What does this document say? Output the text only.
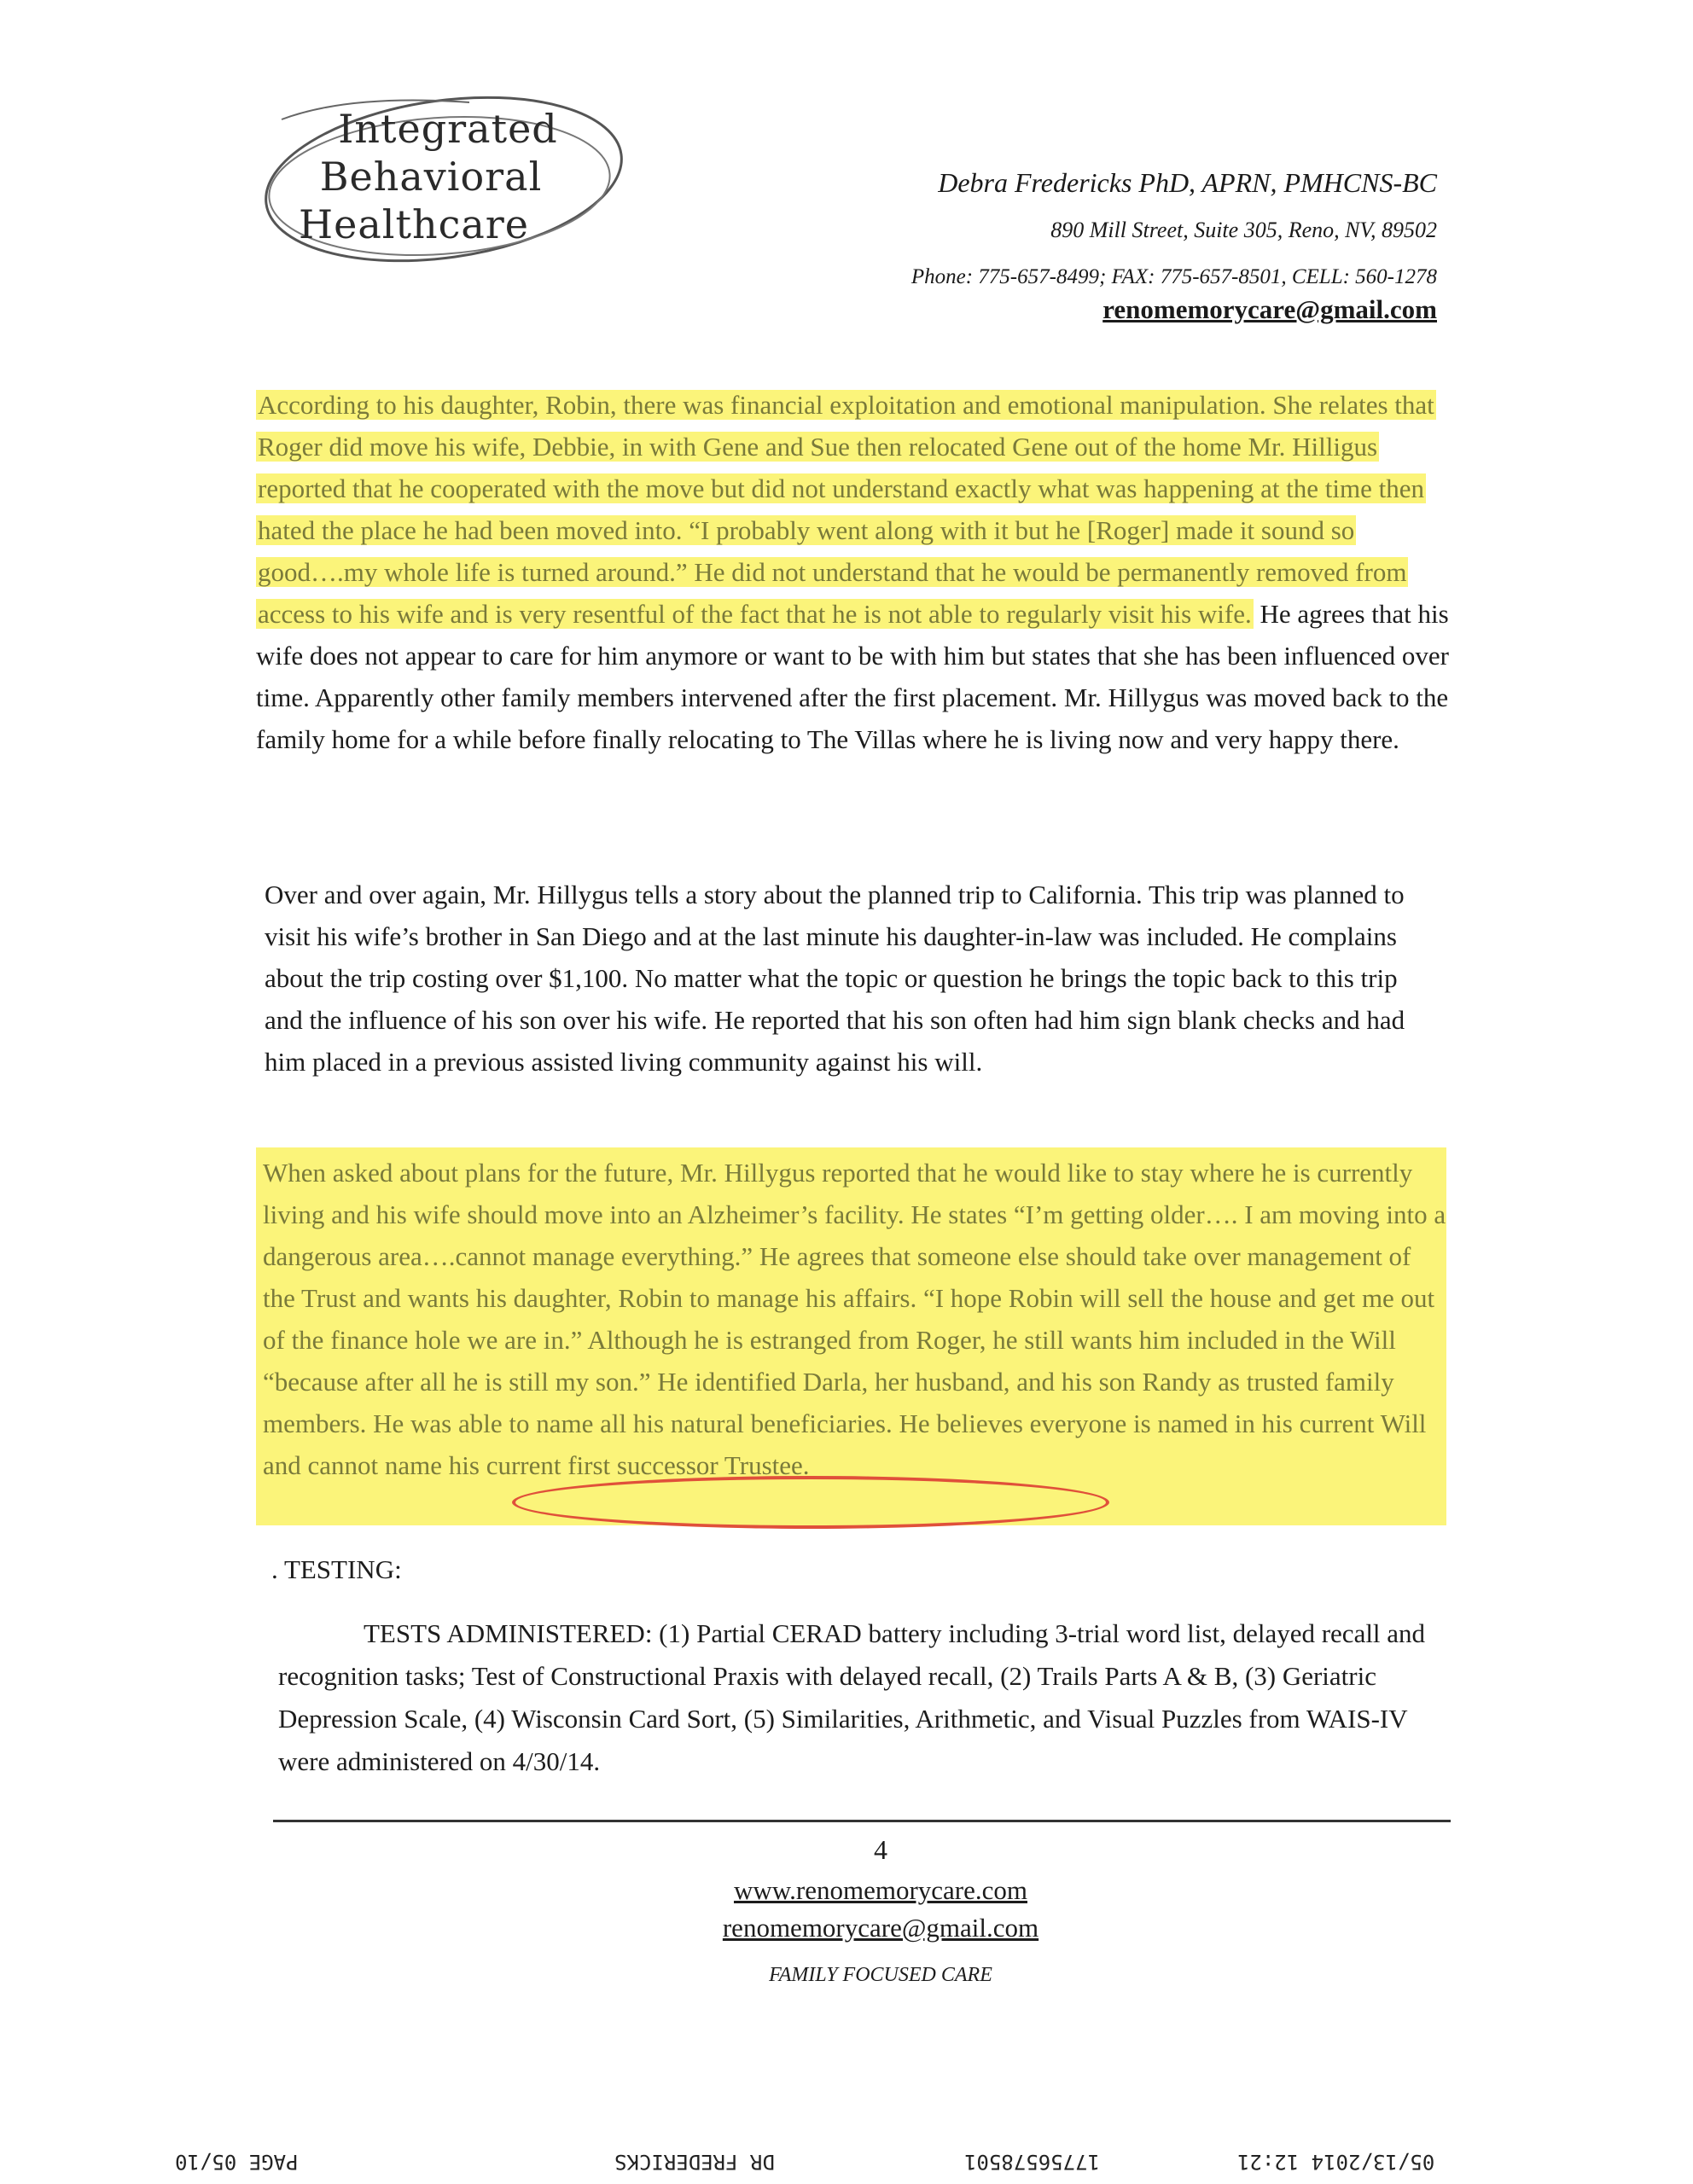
Integrated
Behavioral
Healthcare
Debra Fredericks PhD, APRN, PMHCNS-BC
890 Mill Street, Suite 305, Reno, NV, 89502
Phone: 775-657-8499; FAX: 775-657-8501, CELL: 560-1278
renomemorycare@gmail.com
According to his daughter, Robin, there was financial exploitation and emotional manipulation. She relates that Roger did move his wife, Debbie, in with Gene and Sue then relocated Gene out of the home Mr. Hilligus reported that he cooperated with the move but did not understand exactly what was happening at the time then hated the place he had been moved into. “I probably went along with it but he [Roger] made it sound so good….my whole life is turned around.” He did not understand that he would be permanently removed from access to his wife and is very resentful of the fact that he is not able to regularly visit his wife. He agrees that his wife does not appear to care for him anymore or want to be with him but states that she has been influenced over time. Apparently other family members intervened after the first placement. Mr. Hillygus was moved back to the family home for a while before finally relocating to The Villas where he is living now and very happy there.
Over and over again, Mr. Hillygus tells a story about the planned trip to California. This trip was planned to visit his wife’s brother in San Diego and at the last minute his daughter-in-law was included. He complains about the trip costing over $1,100. No matter what the topic or question he brings the topic back to this trip and the influence of his son over his wife. He reported that his son often had him sign blank checks and had him placed in a previous assisted living community against his will.
When asked about plans for the future, Mr. Hillygus reported that he would like to stay where he is currently living and his wife should move into an Alzheimer’s facility. He states “I’m getting older…. I am moving into a dangerous area….cannot manage everything.” He agrees that someone else should take over management of the Trust and wants his daughter, Robin to manage his affairs. “I hope Robin will sell the house and get me out of the finance hole we are in.” Although he is estranged from Roger, he still wants him included in the Will “because after all he is still my son.” He identified Darla, her husband, and his son Randy as trusted family members. He was able to name all his natural beneficiaries. He believes everyone is named in his current Will and cannot name his current first successor Trustee.
. TESTING:
TESTS ADMINISTERED: (1) Partial CERAD battery including 3-trial word list, delayed recall and recognition tasks; Test of Constructional Praxis with delayed recall, (2) Trails Parts A & B, (3) Geriatric Depression Scale, (4) Wisconsin Card Sort, (5) Similarities, Arithmetic, and Visual Puzzles from WAIS-IV were administered on 4/30/14.
4
www.renomemorycare.com
renomemorycare@gmail.com
FAMILY FOCUSED CARE
05/13/2014 12:21
17756578501
DR FREDERICKS
PAGE 05/10
